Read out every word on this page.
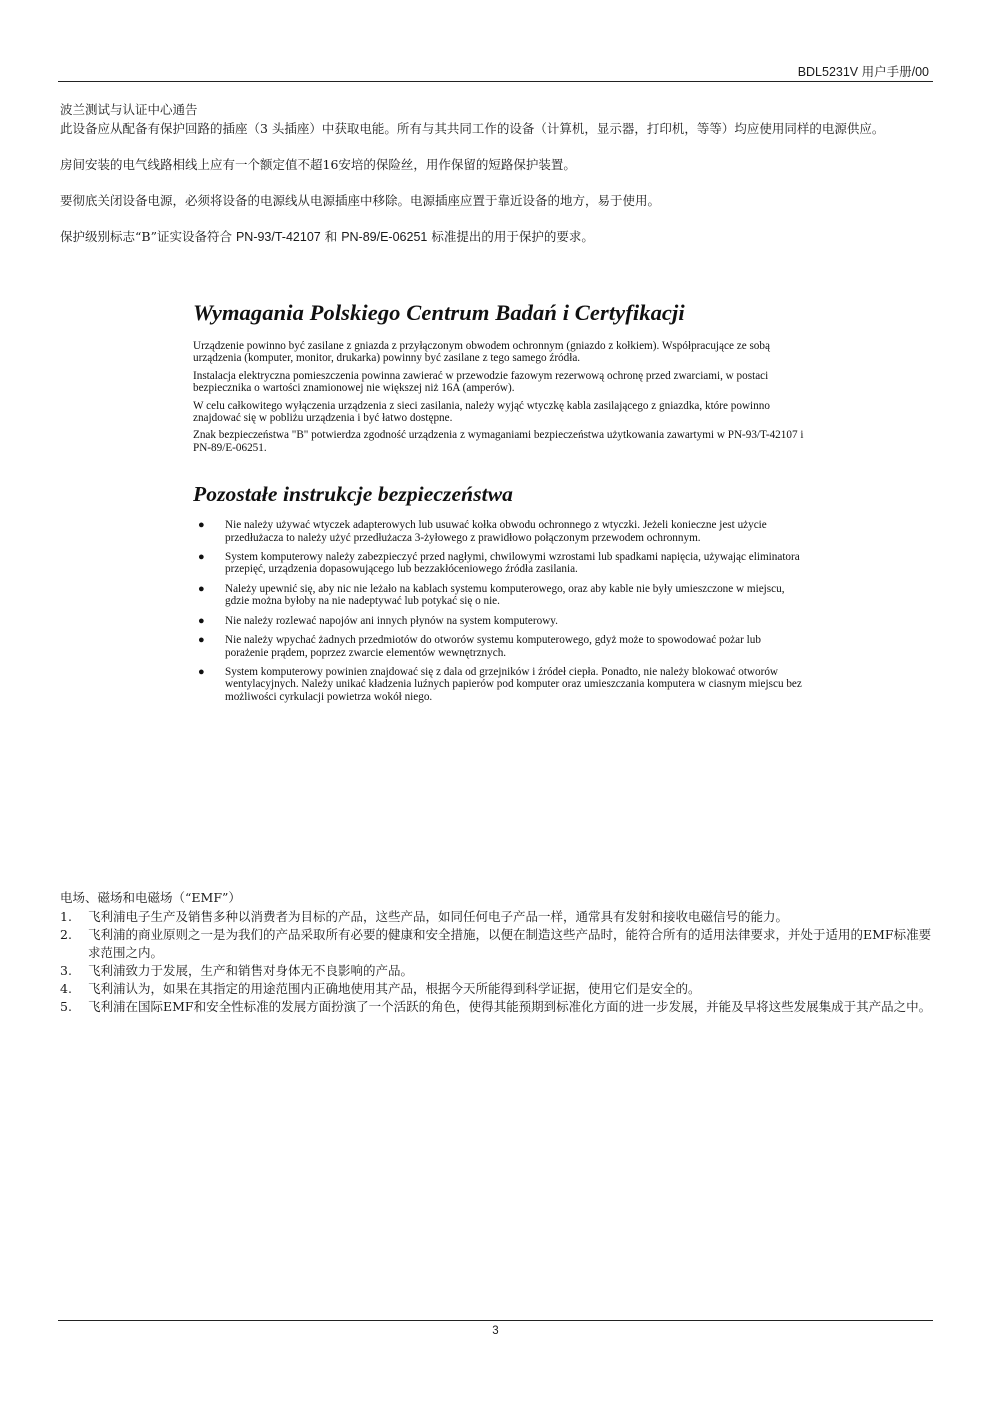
BDL5231V 用户手册/00

波兰测试与认证中心通告

此设备应从配备有保护回路的插座（3 头插座）中获取电能。所有与其共同工作的设备（计算机，显示器，打印机，等等）均应使用同样的电源供应。

房间安装的电气线路相线上应有一个额定值不超16安培的保险丝，用作保留的短路保护装置。

要彻底关闭设备电源，必须将设备的电源线从电源插座中移除。电源插座应置于靠近设备的地方，易于使用。

保护级别标志“B”证实设备符合 PN-93/T-42107 和 PN-89/E-06251 标准提出的用于保护的要求。

Wymagania Polskiego Centrum Badań i Certyfikacji

Urządzenie powinno być zasilane z gniazda z przyłączonym obwodem ochronnym (gniazdo z kołkiem). Współpracujące ze sobą urządzenia (komputer, monitor, drukarka) powinny być zasilane z tego samego źródła.

Instalacja elektryczna pomieszczenia powinna zawierać w przewodzie fazowym rezerwową ochronę przed zwarciami, w postaci bezpiecznika o wartości znamionowej nie większej niż 16A (amperów).

W celu całkowitego wyłączenia urządzenia z sieci zasilania, należy wyjąć wtyczkę kabla zasilającego z gniazdka, które powinno znajdować się w pobliżu urządzenia i być łatwo dostępne.

Znak bezpieczeństwa "B" potwierdza zgodność urządzenia z wymaganiami bezpieczeństwa użytkowania zawartymi w PN-93/T-42107 i PN-89/E-06251.

Pozostałe instrukcje bezpieczeństwa
● Nie należy używać wtyczek adapterowych lub usuwać kołka obwodu ochronnego z wtyczki. Jeżeli konieczne jest użycie przedłużacza to należy użyć przedłużacza 3-żyłowego z prawidłowo połączonym przewodem ochronnym.
● System komputerowy należy zabezpieczyć przed nagłymi, chwilowymi wzrostami lub spadkami napięcia, używając eliminatora przepięć, urządzenia dopasowującego lub bezzakłóceniowego źródła zasilania.
● Należy upewnić się, aby nic nie leżało na kablach systemu komputerowego, oraz aby kable nie były umieszczone w miejscu, gdzie można byłoby na nie nadeptywać lub potykać się o nie.
● Nie należy rozlewać napojów ani innych płynów na system komputerowy.
● Nie należy wpychać żadnych przedmiotów do otworów systemu komputerowego, gdyż może to spowodować pożar lub porażenie prądem, poprzez zwarcie elementów wewnętrznych.
● System komputerowy powinien znajdować się z dala od grzejników i źródeł ciepła. Ponadto, nie należy blokować otworów wentylacyjnych. Należy unikać kładzenia luźnych papierów pod komputer oraz umieszczania komputera w ciasnym miejscu bez możliwości cyrkulacji powietrza wokół niego.

电场、磁场和电磁场（“EMF”）

1. 飞利浦电子生产及销售多种以消费者为目标的产品，这些产品，如同任何电子产品一样，通常具有发射和接收电磁信号的能力。
2. 飞利浦的商业原则之一是为我们的产品采取所有必要的健康和安全措施，以便在制造这些产品时，能符合所有的适用法律要求，并处于适用的EMF标准要求范围之内。
3. 飞利浦致力于发展，生产和销售对身体无不良影响的产品。
4. 飞利浦认为，如果在其指定的用途范围内正确地使用其产品，根据今天所能得到科学证据，使用它们是安全的。
5. 飞利浦在国际EMF和安全性标准的发展方面扮演了一个活跃的角色，使得其能预期到标准化方面的进一步发展，并能及早将这些发展集成于其产品之中。
3
